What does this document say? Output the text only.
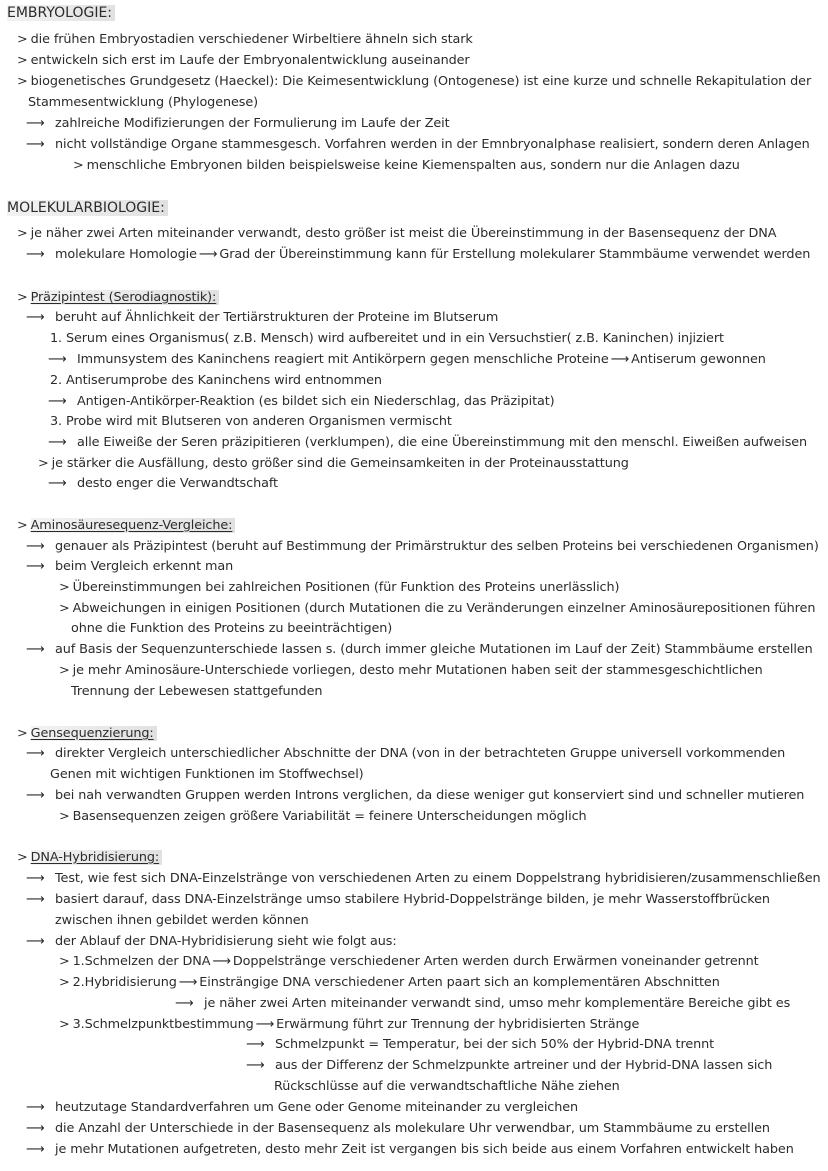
EMBRYOLOGIE:
> die frühen Embryostadien verschiedener Wirbeltiere ähneln sich stark
> entwickeln sich erst im Laufe der Embryonalentwicklung auseinander
> biogenetisches Grundgesetz (Haeckel): Die Keimesentwicklung (Ontogenese) ist eine kurze und schnelle Rekapitulation der
Stammesentwicklung (Phylogenese)
⟶ zahlreiche Modifizierungen der Formulierung im Laufe der Zeit
⟶ nicht vollständige Organe stammesgesch. Vorfahren werden in der Emnbryonalphase realisiert, sondern deren Anlagen
> menschliche Embryonen bilden beispielsweise keine Kiemenspalten aus, sondern nur die Anlagen dazu
MOLEKULARBIOLOGIE:
> je näher zwei Arten miteinander verwandt, desto größer ist meist die Übereinstimmung in der Basensequenz der DNA
⟶ molekulare Homologie ⟶ Grad der Übereinstimmung kann für Erstellung molekularer Stammbäume verwendet werden
> Präzipintest (Serodiagnostik):
⟶ beruht auf Ähnlichkeit der Tertiärstrukturen der Proteine im Blutserum
1. Serum eines Organismus( z.B. Mensch) wird aufbereitet und in ein Versuchstier( z.B. Kaninchen) injiziert
⟶ Immunsystem des Kaninchens reagiert mit Antikörpern gegen menschliche Proteine ⟶ Antiserum gewonnen
2. Antiserumprobe des Kaninchens wird entnommen
⟶ Antigen-Antikörper-Reaktion (es bildet sich ein Niederschlag, das Präzipitat)
3. Probe wird mit Blutseren von anderen Organismen vermischt
⟶ alle Eiweiße der Seren präzipitieren (verklumpen), die eine Übereinstimmung mit den menschl. Eiweißen aufweisen
> je stärker die Ausfällung, desto größer sind die Gemeinsamkeiten in der Proteinausstattung
⟶ desto enger die Verwandtschaft
> Aminosäuresequenz-Vergleiche:
⟶ genauer als Präzipintest (beruht auf Bestimmung der Primärstruktur des selben Proteins bei verschiedenen Organismen)
⟶ beim Vergleich erkennt man
> Übereinstimmungen bei zahlreichen Positionen (für Funktion des Proteins unerlässlich)
> Abweichungen in einigen Positionen (durch Mutationen die zu Veränderungen einzelner Aminosäurepositionen führen
ohne die Funktion des Proteins zu beeinträchtigen)
⟶ auf Basis der Sequenzunterschiede lassen s. (durch immer gleiche Mutationen im Lauf der Zeit) Stammbäume erstellen
> je mehr Aminosäure-Unterschiede vorliegen, desto mehr Mutationen haben seit der stammesgeschichtlichen
Trennung der Lebewesen stattgefunden
> Gensequenzierung:
⟶ direkter Vergleich unterschiedlicher Abschnitte der DNA (von in der betrachteten Gruppe universell vorkommenden
Genen mit wichtigen Funktionen im Stoffwechsel)
⟶ bei nah verwandten Gruppen werden Introns verglichen, da diese weniger gut konserviert sind und schneller mutieren
> Basensequenzen zeigen größere Variabilität = feinere Unterscheidungen möglich
> DNA-Hybridisierung:
⟶ Test, wie fest sich DNA-Einzelstränge von verschiedenen Arten zu einem Doppelstrang hybridisieren/zusammenschließen
⟶ basiert darauf, dass DNA-Einzelstränge umso stabilere Hybrid-Doppelstränge bilden, je mehr Wasserstoffbrücken
zwischen ihnen gebildet werden können
⟶ der Ablauf der DNA-Hybridisierung sieht wie folgt aus:
> 1.Schmelzen der DNA ⟶ Doppelstränge verschiedener Arten werden durch Erwärmen voneinander getrennt
> 2.Hybridisierung ⟶ Einsträngige DNA verschiedener Arten paart sich an komplementären Abschnitten
⟶ je näher zwei Arten miteinander verwandt sind, umso mehr komplementäre Bereiche gibt es
> 3.Schmelzpunktbestimmung ⟶ Erwärmung führt zur Trennung der hybridisierten Stränge
⟶ Schmelzpunkt = Temperatur, bei der sich 50% der Hybrid-DNA trennt
⟶ aus der Differenz der Schmelzpunkte artreiner und der Hybrid-DNA lassen sich
Rückschlüsse auf die verwandtschaftliche Nähe ziehen
⟶ heutzutage Standardverfahren um Gene oder Genome miteinander zu vergleichen
⟶ die Anzahl der Unterschiede in der Basensequenz als molekulare Uhr verwendbar, um Stammbäume zu erstellen
⟶ je mehr Mutationen aufgetreten, desto mehr Zeit ist vergangen bis sich beide aus einem Vorfahren entwickelt haben
